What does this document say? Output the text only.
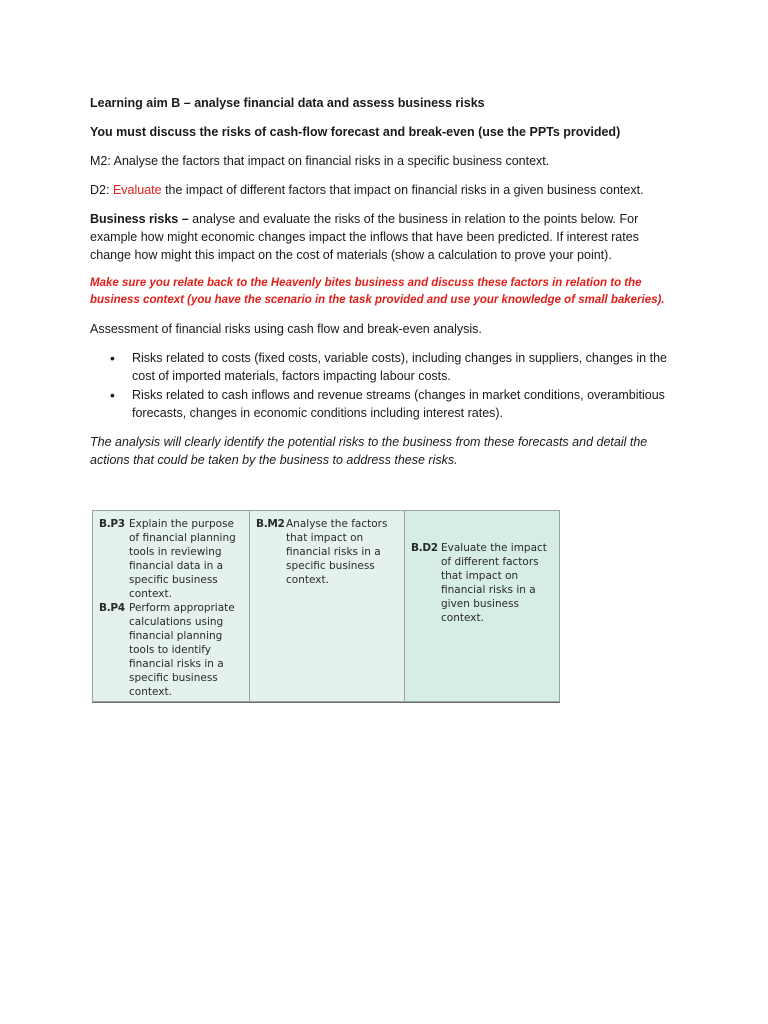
Learning aim B – analyse financial data and assess business risks

You must discuss the risks of cash-flow forecast and break-even (use the PPTs provided)

M2: Analyse the factors that impact on financial risks in a specific business context.

D2: Evaluate the impact of different factors that impact on financial risks in a given business context.

Business risks – analyse and evaluate the risks of the business in relation to the points below. For example how might economic changes impact the inflows that have been predicted. If interest rates change how might this impact on the cost of materials (show a calculation to prove your point).

Make sure you relate back to the Heavenly bites business and discuss these factors in relation to the business context (you have the scenario in the task provided and use your knowledge of small bakeries).

Assessment of financial risks using cash flow and break-even analysis.

• Risks related to costs (fixed costs, variable costs), including changes in suppliers, changes in the cost of imported materials, factors impacting labour costs.
• Risks related to cash inflows and revenue streams (changes in market conditions, overambitious forecasts, changes in economic conditions including interest rates).

The analysis will clearly identify the potential risks to the business from these forecasts and detail the actions that could be taken by the business to address these risks.

B.P3 Explain the purpose of financial planning tools in reviewing financial data in a specific business context.
B.P4 Perform appropriate calculations using financial planning tools to identify financial risks in a specific business context.
B.M2 Analyse the factors that impact on financial risks in a specific business context.
B.D2 Evaluate the impact of different factors that impact on financial risks in a given business context.
